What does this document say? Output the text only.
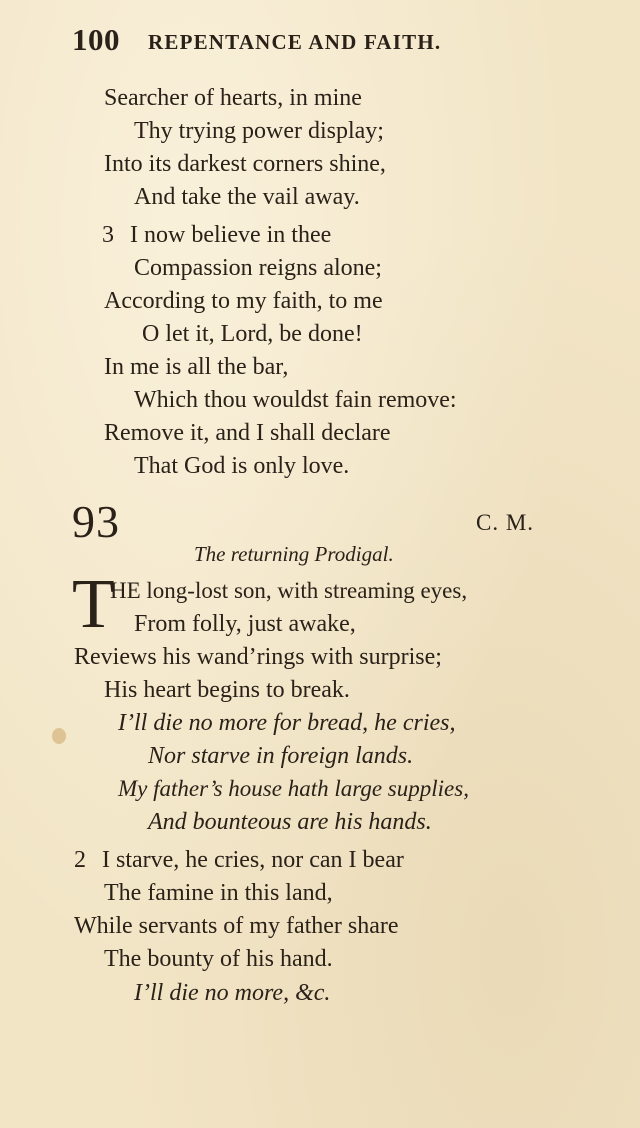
100 REPENTANCE AND FAITH.
Searcher of hearts, in mine
Thy trying power display;
Into its darkest corners shine,
And take the vail away.
3 I now believe in thee
Compassion reigns alone;
According to my faith, to me
O let it, Lord, be done!
In me is all the bar,
Which thou wouldst fain remove:
Remove it, and I shall declare
That God is only love.
93	C. M.
The returning Prodigal.
T
HE long-lost son, with streaming eyes,
From folly, just awake,
Reviews his wand’rings with surprise;
His heart begins to break.
I’ll die no more for bread, he cries,
Nor starve in foreign lands.
My father’s house hath large supplies,
And bounteous are his hands.
2 I starve, he cries, nor can I bear
The famine in this land,
While servants of my father share
The bounty of his hand.
I’ll die no more, &c.
